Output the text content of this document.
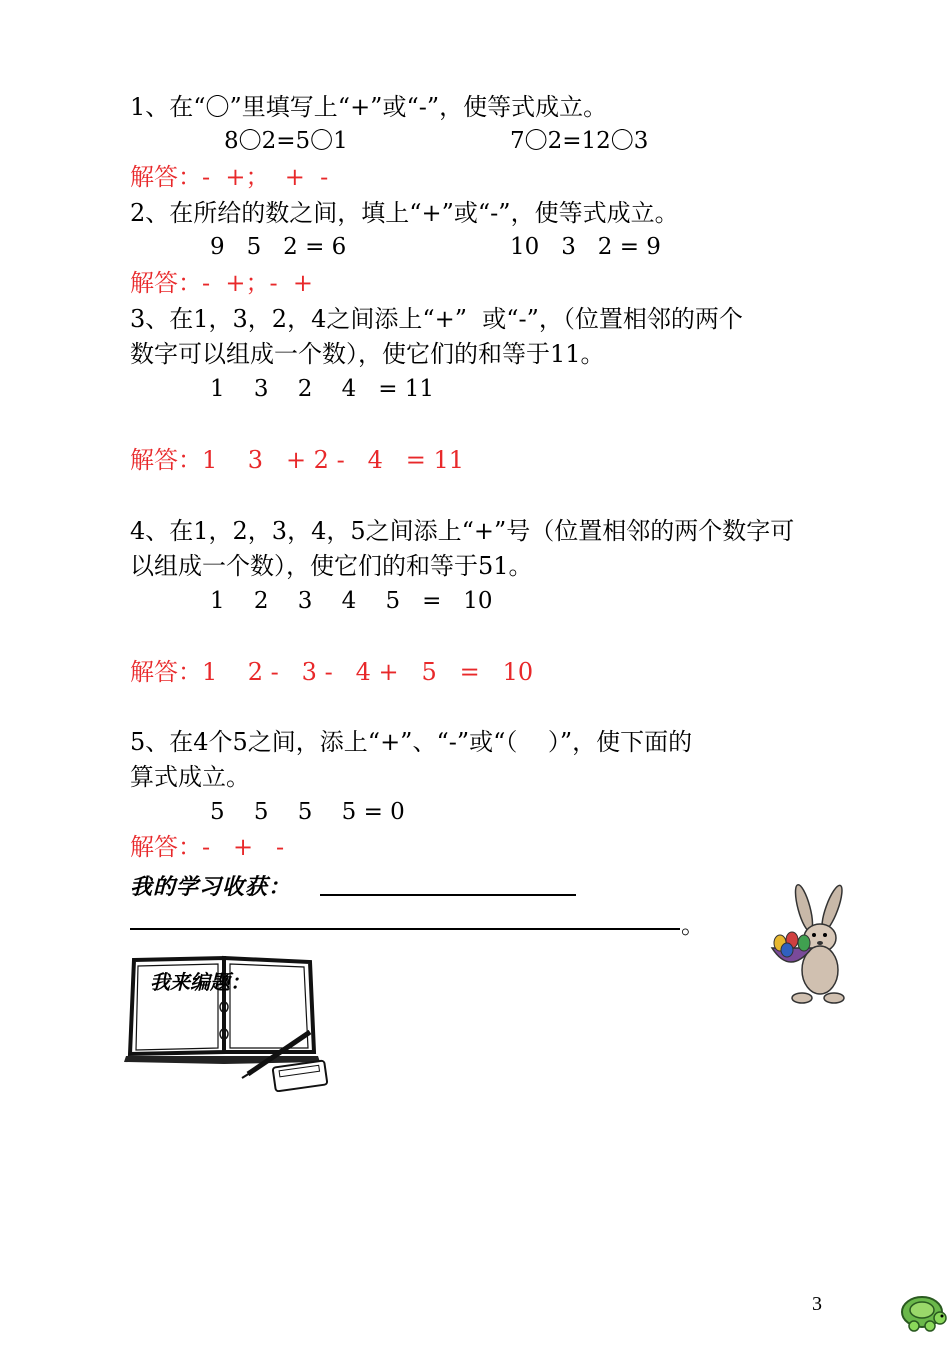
1、在“〇”里填写上“+”或“-”，使等式成立。
8〇2=5〇1	7〇2=12〇3
解答：-  +；  +  -
2、在所给的数之间，填上“+”或“-”，使等式成立。
9   5   2 = 6	10   3   2 = 9
解答：-  +；-  +
3、在1，3，2，4之间添上“+”  或“-”，（位置相邻的两个
数字可以组成一个数），使它们的和等于11。
1    3    2    4   = 11
解答：1    3   + 2 -   4   = 11
4、在1，2，3，4，5之间添上“+”号（位置相邻的两个数字可
以组成一个数），使它们的和等于51。
1    2    3    4    5   =   10
解答：1    2 -   3 -   4 +   5   =   10
5、在4个5之间，添上“+”、“-”或“（    ）”，使下面的
算式成立。
5    5    5    5 = 0
解答：-   +   -
我的学习收获：
。
我来编题：
3
